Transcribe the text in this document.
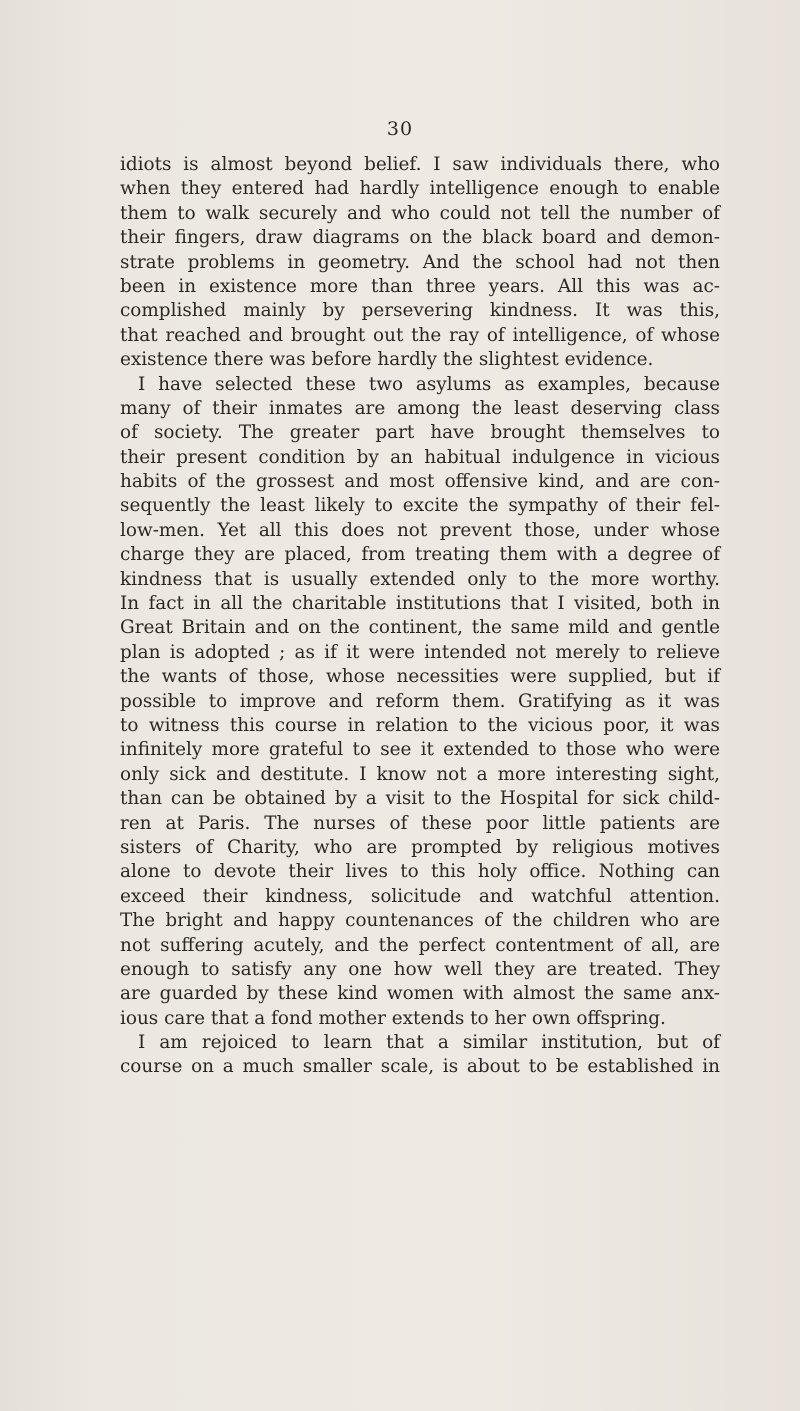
30
idiots is almost beyond belief. I saw individuals there, who
when they entered had hardly intelligence enough to enable
them to walk securely and who could not tell the number of
their fingers, draw diagrams on the black board and demon-
strate problems in geometry. And the school had not then
been in existence more than three years. All this was ac-
complished mainly by persevering kindness. It was this,
that reached and brought out the ray of intelligence, of whose
existence there was before hardly the slightest evidence.
I have selected these two asylums as examples, because
many of their inmates are among the least deserving class
of society. The greater part have brought themselves to
their present condition by an habitual indulgence in vicious
habits of the grossest and most offensive kind, and are con-
sequently the least likely to excite the sympathy of their fel-
low-men. Yet all this does not prevent those, under whose
charge they are placed, from treating them with a degree of
kindness that is usually extended only to the more worthy.
In fact in all the charitable institutions that I visited, both in
Great Britain and on the continent, the same mild and gentle
plan is adopted ; as if it were intended not merely to relieve
the wants of those, whose necessities were supplied, but if
possible to improve and reform them. Gratifying as it was
to witness this course in relation to the vicious poor, it was
infinitely more grateful to see it extended to those who were
only sick and destitute. I know not a more interesting sight,
than can be obtained by a visit to the Hospital for sick child-
ren at Paris. The nurses of these poor little patients are
sisters of Charity, who are prompted by religious motives
alone to devote their lives to this holy office. Nothing can
exceed their kindness, solicitude and watchful attention.
The bright and happy countenances of the children who are
not suffering acutely, and the perfect contentment of all, are
enough to satisfy any one how well they are treated. They
are guarded by these kind women with almost the same anx-
ious care that a fond mother extends to her own offspring.
I am rejoiced to learn that a similar institution, but of
course on a much smaller scale, is about to be established in
